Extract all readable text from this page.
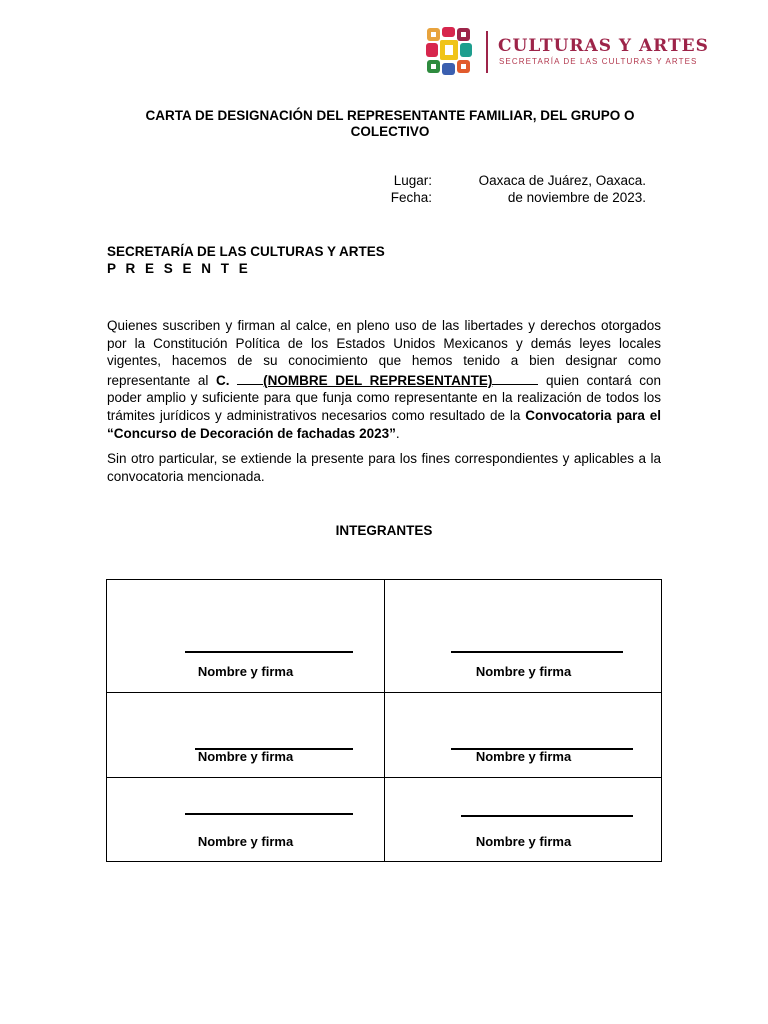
CULTURAS Y ARTES
SECRETARÍA DE LAS CULTURAS Y ARTES
CARTA DE DESIGNACIÓN DEL REPRESENTANTE FAMILIAR, DEL GRUPO O
COLECTIVO
Lugar:	Oaxaca de Juárez, Oaxaca.
Fecha:	de noviembre de 2023.
SECRETARÍA DE LAS CULTURAS Y ARTES
P R E S E N T E
Quienes suscriben y firman al calce, en pleno uso de las libertades y derechos otorgados por la Constitución Política de los Estados Unidos Mexicanos y demás leyes locales vigentes, hacemos de su conocimiento que hemos tenido a bien designar como representante al C. (NOMBRE DEL REPRESENTANTE)	quien contará con poder amplio y suficiente para que funja como representante en la realización de todos los trámites jurídicos y administrativos necesarios como resultado de la Convocatoria para el “Concurso de Decoración de fachadas 2023”.
Sin otro particular, se extiende la presente para los fines correspondientes y aplicables a la convocatoria mencionada.
INTEGRANTES
Nombre y firma	Nombre y firma
Nombre y firma	Nombre y firma
Nombre y firma	Nombre y firma
